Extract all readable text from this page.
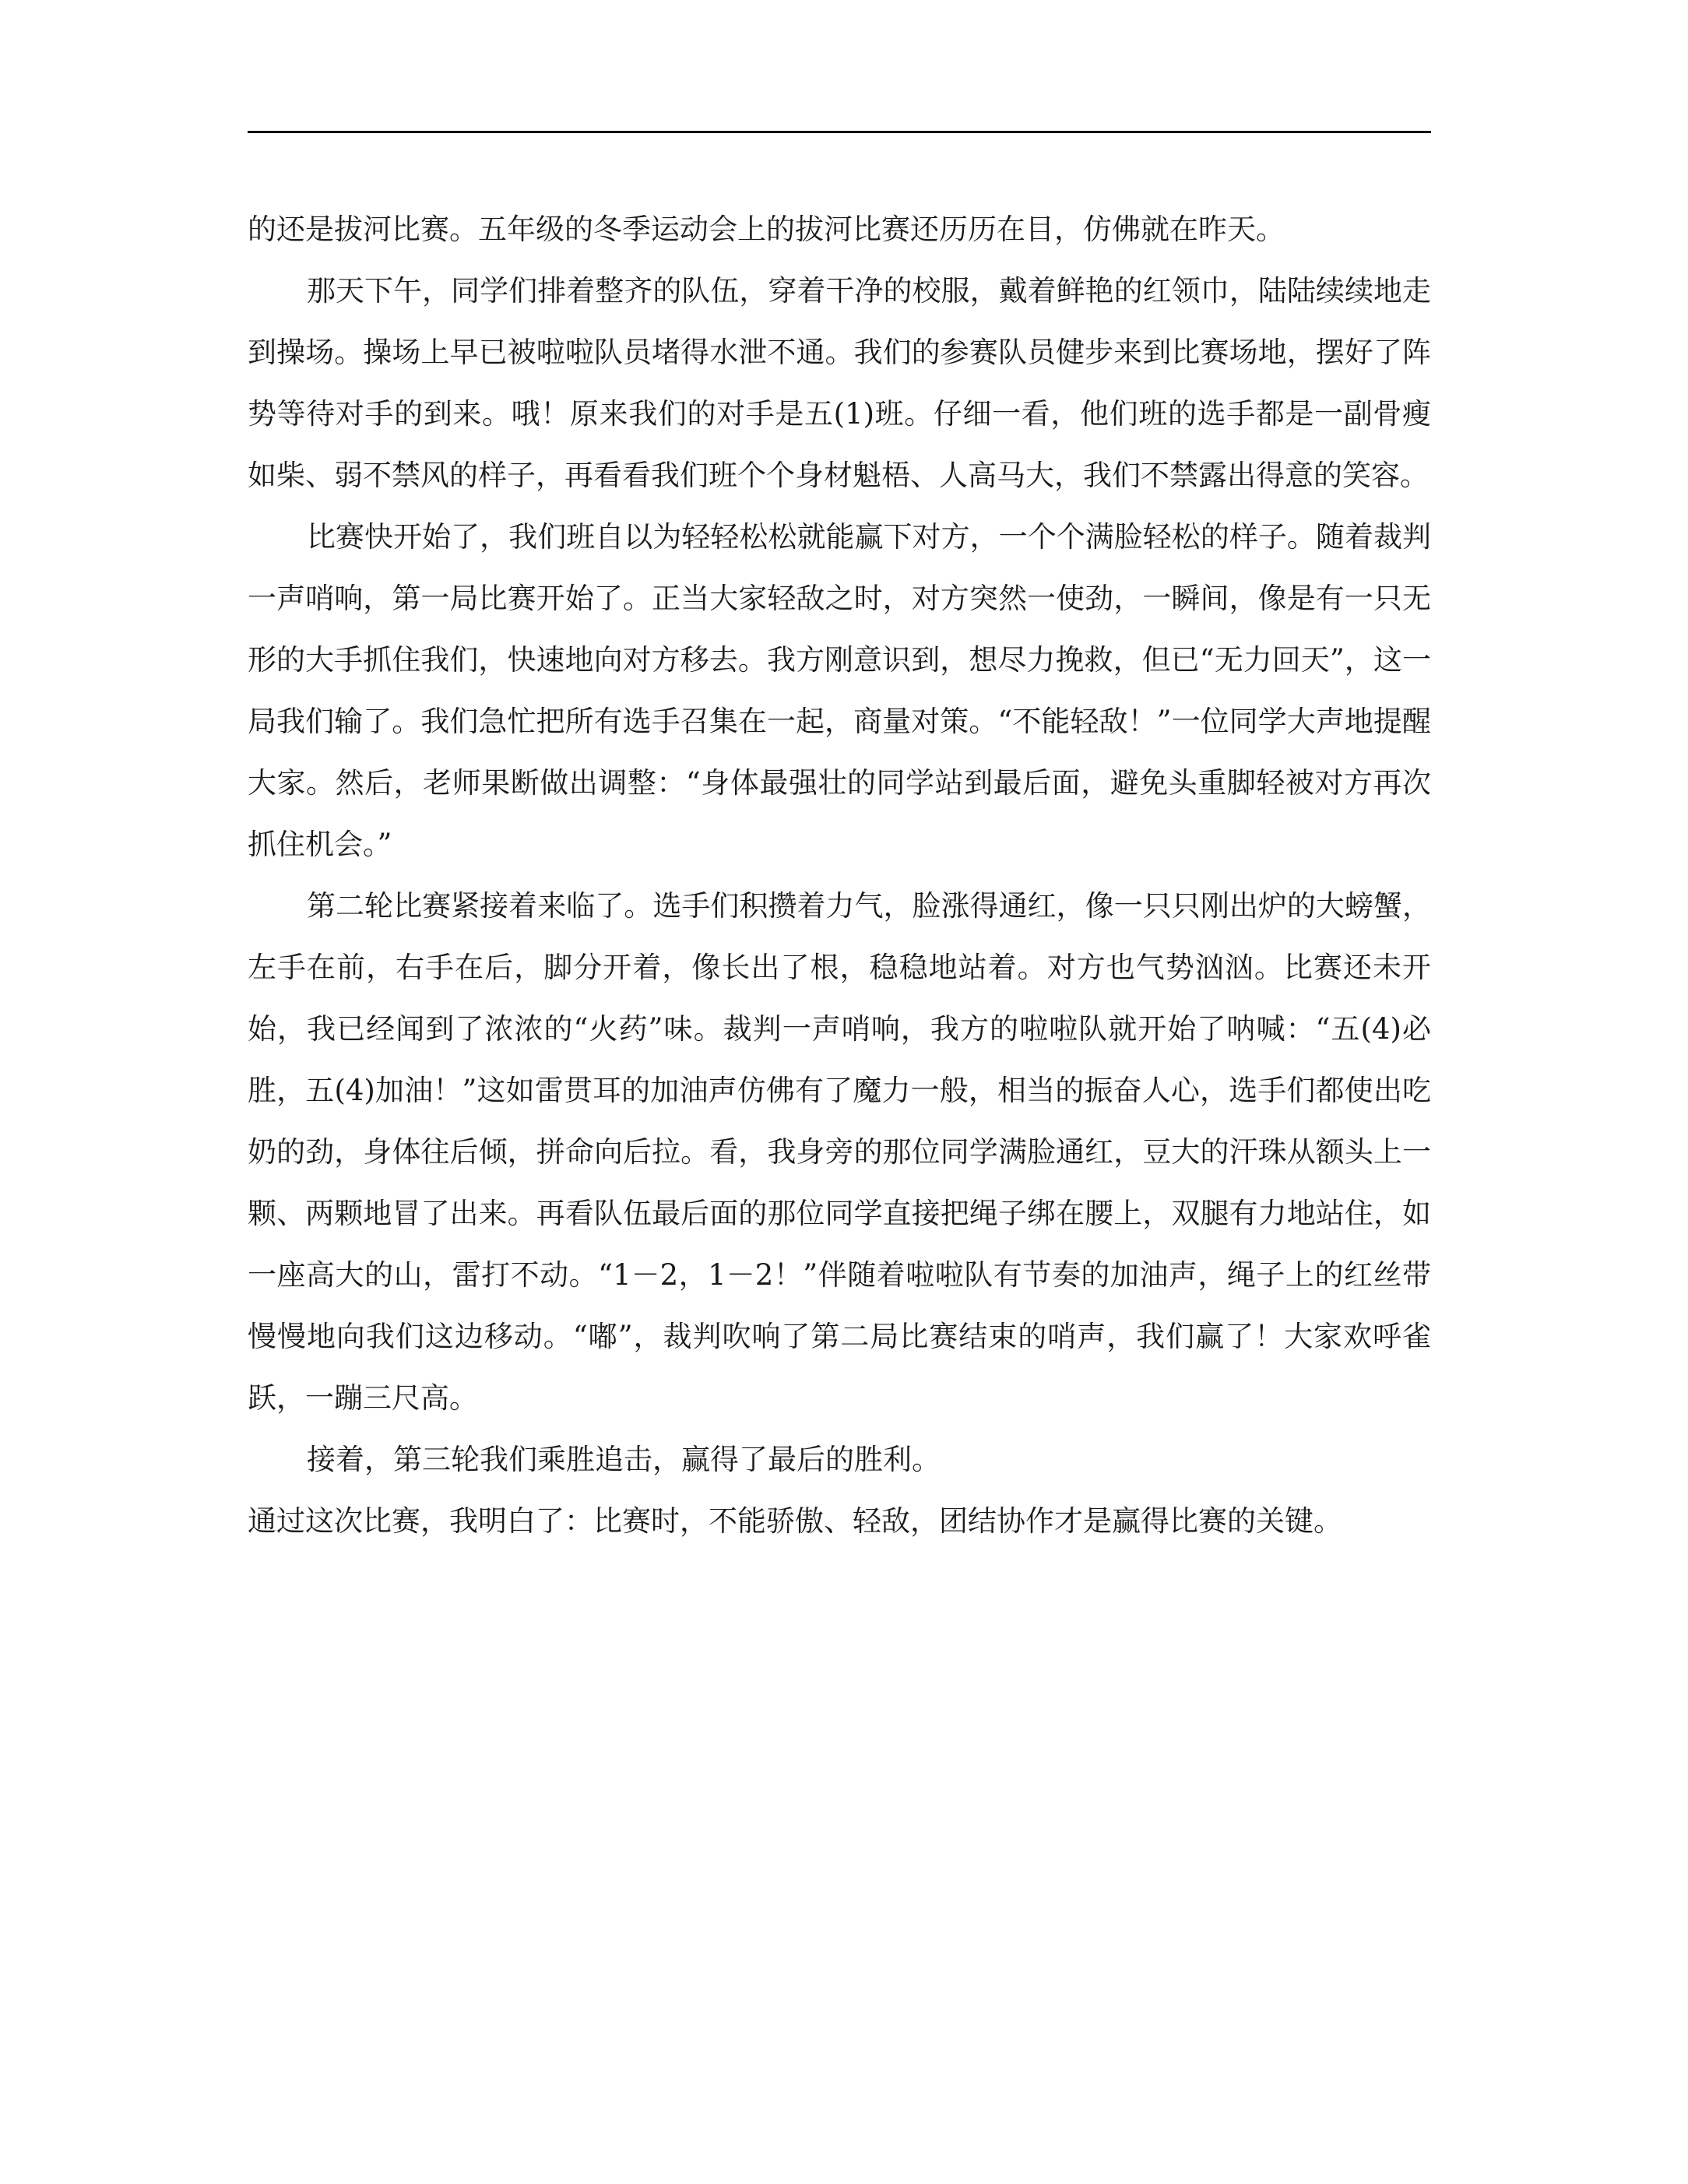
的还是拔河比赛。五年级的冬季运动会上的拔河比赛还历历在目，仿佛就在昨天。

那天下午，同学们排着整齐的队伍，穿着干净的校服，戴着鲜艳的红领巾，陆陆续续地走到操场。操场上早已被啦啦队员堵得水泄不通。我们的参赛队员健步来到比赛场地，摆好了阵势等待对手的到来。哦！原来我们的对手是五(1)班。仔细一看，他们班的选手都是一副骨瘦如柴、弱不禁风的样子，再看看我们班个个身材魁梧、人高马大，我们不禁露出得意的笑容。

比赛快开始了，我们班自以为轻轻松松就能赢下对方，一个个满脸轻松的样子。随着裁判一声哨响，第一局比赛开始了。正当大家轻敌之时，对方突然一使劲，一瞬间，像是有一只无形的大手抓住我们，快速地向对方移去。我方刚意识到，想尽力挽救，但已“无力回天”，这一局我们输了。我们急忙把所有选手召集在一起，商量对策。“不能轻敌！”一位同学大声地提醒大家。然后，老师果断做出调整：“身体最强壮的同学站到最后面，避免头重脚轻被对方再次抓住机会。”

第二轮比赛紧接着来临了。选手们积攒着力气，脸涨得通红，像一只只刚出炉的大螃蟹，左手在前，右手在后，脚分开着，像长出了根，稳稳地站着。对方也气势汹汹。比赛还未开始，我已经闻到了浓浓的“火药”味。裁判一声哨响，我方的啦啦队就开始了呐喊：“五(4)必胜，五(4)加油！”这如雷贯耳的加油声仿佛有了魔力一般，相当的振奋人心，选手们都使出吃奶的劲，身体往后倾，拼命向后拉。看，我身旁的那位同学满脸通红，豆大的汗珠从额头上一颗、两颗地冒了出来。再看队伍最后面的那位同学直接把绳子绑在腰上，双腿有力地站住，如一座高大的山，雷打不动。“1－2，1－2！”伴随着啦啦队有节奏的加油声，绳子上的红丝带慢慢地向我们这边移动。“嘟”，裁判吹响了第二局比赛结束的哨声，我们赢了！大家欢呼雀跃，一蹦三尺高。

接着，第三轮我们乘胜追击，赢得了最后的胜利。

通过这次比赛，我明白了：比赛时，不能骄傲、轻敌，团结协作才是赢得比赛的关键。
